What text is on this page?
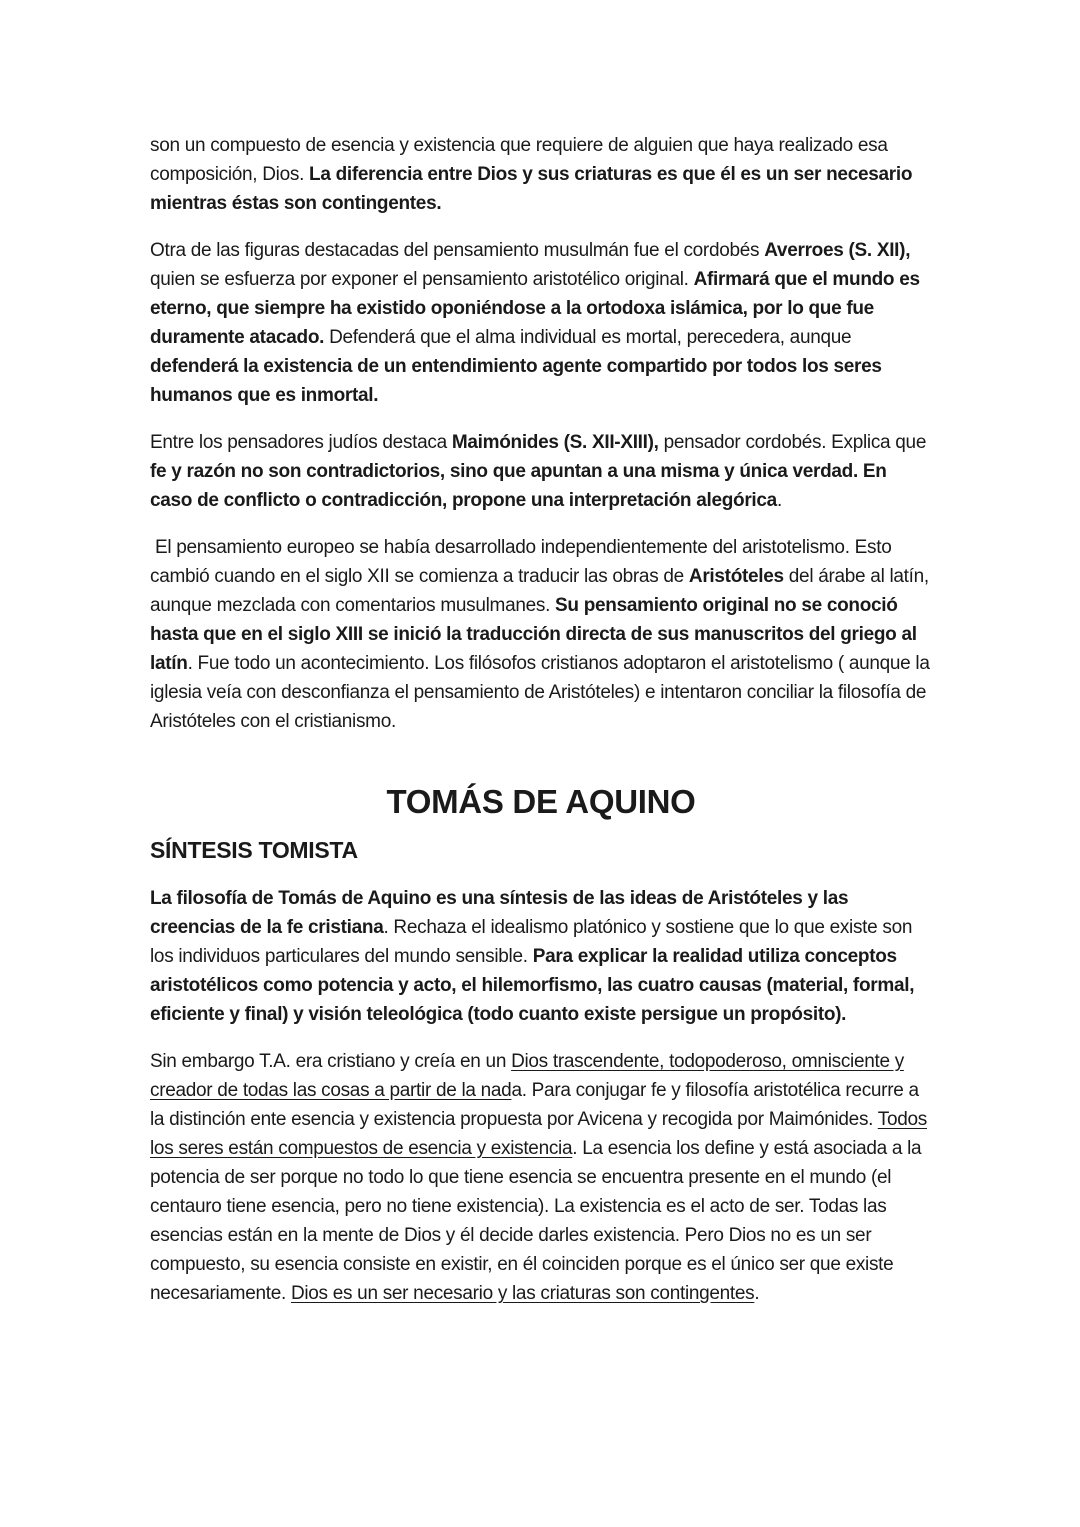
son un compuesto de esencia y existencia que requiere de alguien que haya realizado esa composición, Dios. La diferencia entre Dios y sus criaturas es que él es un ser necesario mientras éstas son contingentes.

Otra de las figuras destacadas del pensamiento musulmán fue el cordobés Averroes (S. XII), quien se esfuerza por exponer el pensamiento aristotélico original. Afirmará que el mundo es eterno, que siempre ha existido oponiéndose a la ortodoxa islámica, por lo que fue duramente atacado. Defenderá que el alma individual es mortal, perecedera, aunque defenderá la existencia de un entendimiento agente compartido por todos los seres humanos que es inmortal.

Entre los pensadores judíos destaca Maimónides (S. XII-XIII), pensador cordobés. Explica que fe y razón no son contradictorios, sino que apuntan a una misma y única verdad. En caso de conflicto o contradicción, propone una interpretación alegórica.

El pensamiento europeo se había desarrollado independientemente del aristotelismo. Esto cambió cuando en el siglo XII se comienza a traducir las obras de Aristóteles del árabe al latín, aunque mezclada con comentarios musulmanes. Su pensamiento original no se conoció hasta que en el siglo XIII se inició la traducción directa de sus manuscritos del griego al latín. Fue todo un acontecimiento. Los filósofos cristianos adoptaron el aristotelismo ( aunque la iglesia veía con desconfianza el pensamiento de Aristóteles) e intentaron conciliar la filosofía de Aristóteles con el cristianismo.

TOMÁS DE AQUINO
SÍNTESIS TOMISTA

La filosofía de Tomás de Aquino es una síntesis de las ideas de Aristóteles y las creencias de la fe cristiana. Rechaza el idealismo platónico y sostiene que lo que existe son los individuos particulares del mundo sensible. Para explicar la realidad utiliza conceptos aristotélicos como potencia y acto, el hilemorfismo, las cuatro causas (material, formal, eficiente y final) y visión teleológica (todo cuanto existe persigue un propósito).

Sin embargo T.A. era cristiano y creía en un Dios trascendente, todopoderoso, omnisciente y creador de todas las cosas a partir de la nada. Para conjugar fe y filosofía aristotélica recurre a la distinción ente esencia y existencia propuesta por Avicena y recogida por Maimónides. Todos los seres están compuestos de esencia y existencia. La esencia los define y está asociada a la potencia de ser porque no todo lo que tiene esencia se encuentra presente en el mundo (el centauro tiene esencia, pero no tiene existencia). La existencia es el acto de ser. Todas las esencias están en la mente de Dios y él decide darles existencia. Pero Dios no es un ser compuesto, su esencia consiste en existir, en él coinciden porque es el único ser que existe necesariamente. Dios es un ser necesario y las criaturas son contingentes.
